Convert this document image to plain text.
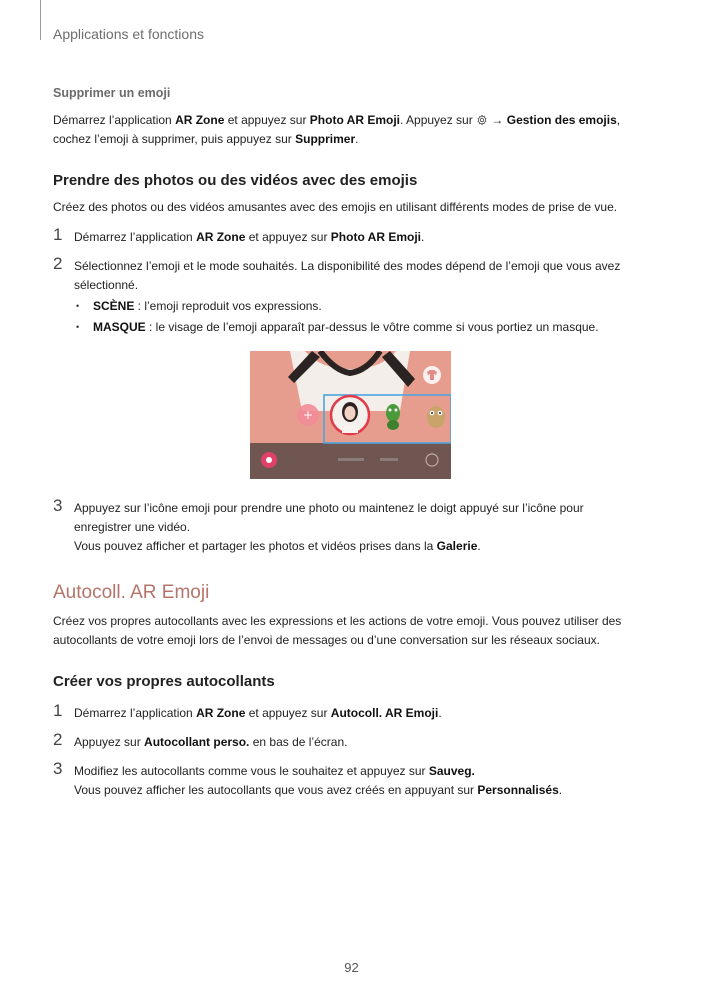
Applications et fonctions
Supprimer un emoji

Démarrez l’application AR Zone et appuyez sur Photo AR Emoji. Appuyez sur  → Gestion des emojis, cochez l’emoji à supprimer, puis appuyez sur Supprimer.

Prendre des photos ou des vidéos avec des emojis

Créez des photos ou des vidéos amusantes avec des emojis en utilisant différents modes de prise de vue.

1 Démarrez l’application AR Zone et appuyez sur Photo AR Emoji.

2 Sélectionnez l’emoji et le mode souhaités. La disponibilité des modes dépend de l’emoji que vous avez sélectionné.
• SCÈNE : l’emoji reproduit vos expressions.
• MASQUE : le visage de l’emoji apparaît par-dessus le vôtre comme si vous portiez un masque.
+
3 Appuyez sur l’icône emoji pour prendre une photo ou maintenez le doigt appuyé sur l’icône pour enregistrer une vidéo.
Vous pouvez afficher et partager les photos et vidéos prises dans la Galerie.
Autocoll. AR Emoji

Créez vos propres autocollants avec les expressions et les actions de votre emoji. Vous pouvez utiliser des autocollants de votre emoji lors de l’envoi de messages ou d’une conversation sur les réseaux sociaux.

Créer vos propres autocollants

1 Démarrez l’application AR Zone et appuyez sur Autocoll. AR Emoji.

2 Appuyez sur Autocollant perso. en bas de l’écran.

3 Modifiez les autocollants comme vous le souhaitez et appuyez sur Sauveg.
Vous pouvez afficher les autocollants que vous avez créés en appuyant sur Personnalisés.
92
